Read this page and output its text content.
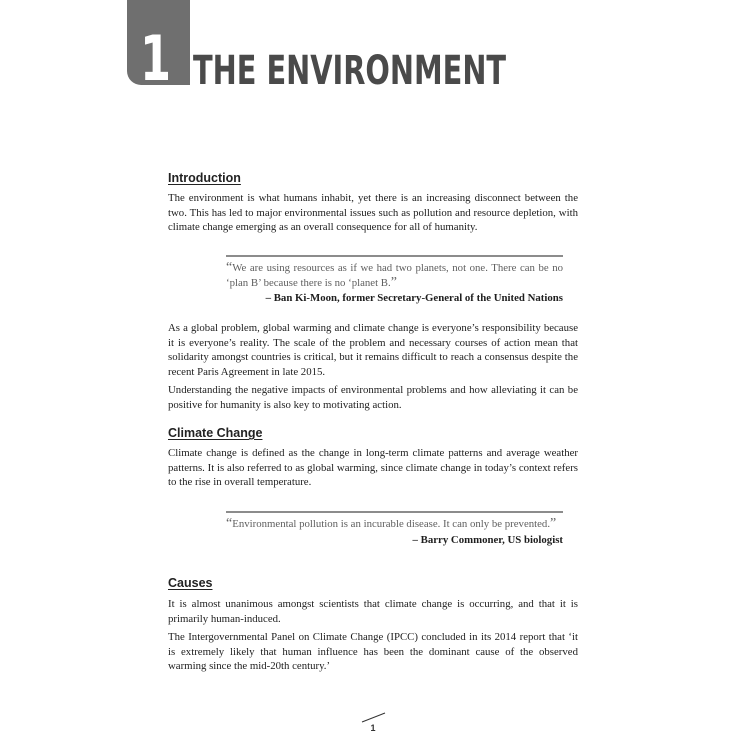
1 THE ENVIRONMENT
Introduction
The environment is what humans inhabit, yet there is an increasing disconnect between the two. This has led to major environmental issues such as pollution and resource depletion, with climate change emerging as an overall consequence for all of humanity.
“We are using resources as if we had two planets, not one. There can be no ‘plan B’ because there is no ‘planet B.”
– Ban Ki-Moon, former Secretary-General of the United Nations
As a global problem, global warming and climate change is everyone’s responsibility because it is everyone’s reality. The scale of the problem and necessary courses of action mean that solidarity amongst countries is critical, but it remains difficult to reach a consensus despite the recent Paris Agreement in late 2015.
Understanding the negative impacts of environmental problems and how alleviating it can be positive for humanity is also key to motivating action.
Climate Change
Climate change is defined as the change in long-term climate patterns and average weather patterns. It is also referred to as global warming, since climate change in today’s context refers to the rise in overall temperature.
“Environmental pollution is an incurable disease. It can only be prevented.”
– Barry Commoner, US biologist
Causes
It is almost unanimous amongst scientists that climate change is occurring, and that it is primarily human-induced.
The Intergovernmental Panel on Climate Change (IPCC) concluded in its 2014 report that ‘it is extremely likely that human influence has been the dominant cause of the observed warming since the mid-20th century.’
1
